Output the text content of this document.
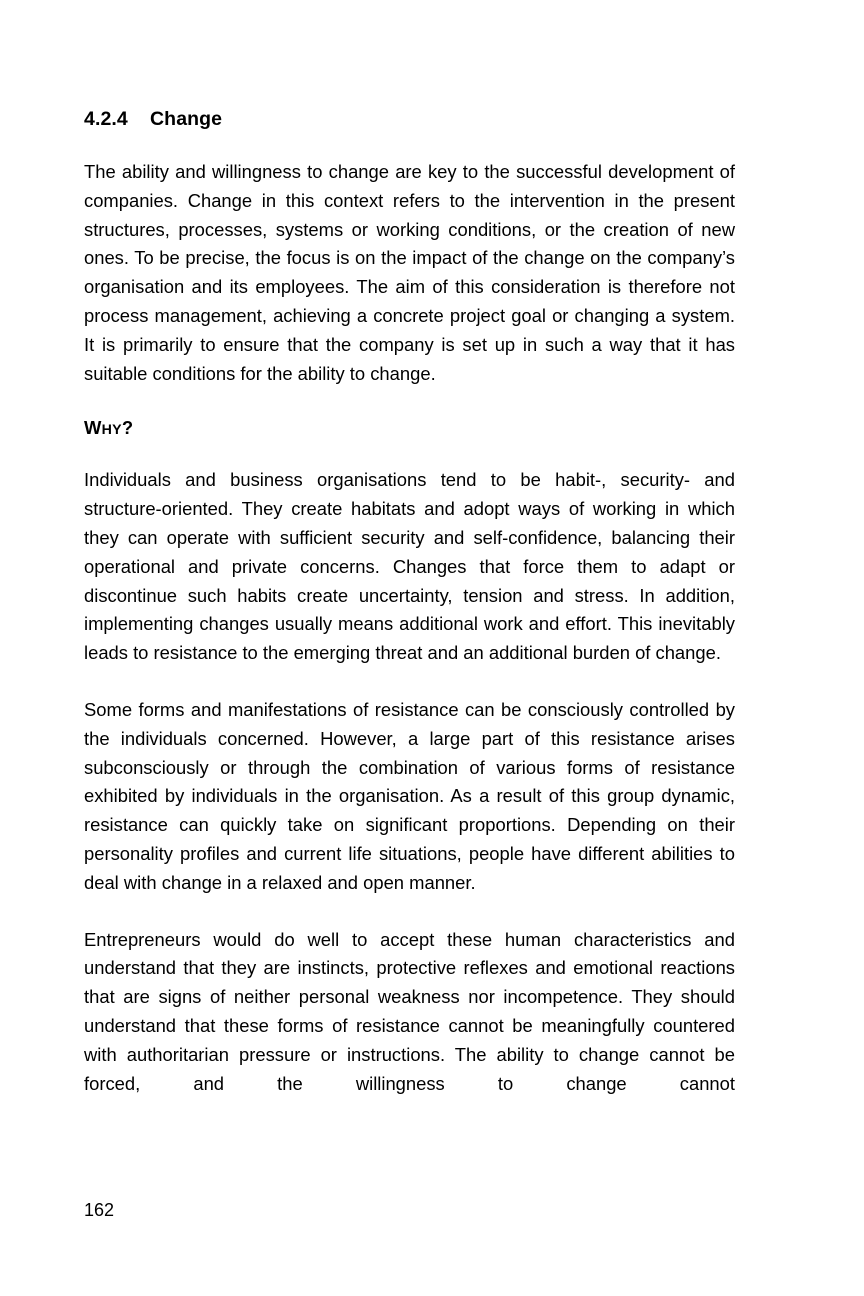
4.2.4 Change

The ability and willingness to change are key to the successful development of companies. Change in this context refers to the intervention in the present structures, processes, systems or working conditions, or the creation of new ones. To be precise, the focus is on the impact of the change on the company’s organisation and its employees. The aim of this consideration is therefore not process management, achieving a concrete project goal or changing a system. It is primarily to ensure that the company is set up in such a way that it has suitable conditions for the ability to change.

WHY?

Individuals and business organisations tend to be habit-, security- and structure-oriented. They create habitats and adopt ways of working in which they can operate with sufficient security and self-confidence, balancing their operational and private concerns. Changes that force them to adapt or discontinue such habits create uncertainty, tension and stress. In addition, implementing changes usually means additional work and effort. This inevitably leads to resistance to the emerging threat and an additional burden of change.

Some forms and manifestations of resistance can be consciously controlled by the individuals concerned. However, a large part of this resistance arises subconsciously or through the combination of various forms of resistance exhibited by individuals in the organisation. As a result of this group dynamic, resistance can quickly take on significant proportions. Depending on their personality profiles and current life situations, people have different abilities to deal with change in a relaxed and open manner.

Entrepreneurs would do well to accept these human characteristics and understand that they are instincts, protective reflexes and emotional reactions that are signs of neither personal weakness nor incompetence. They should understand that these forms of resistance cannot be meaningfully countered with authoritarian pressure or instructions. The ability to change cannot be forced, and the willingness to change cannot

162
